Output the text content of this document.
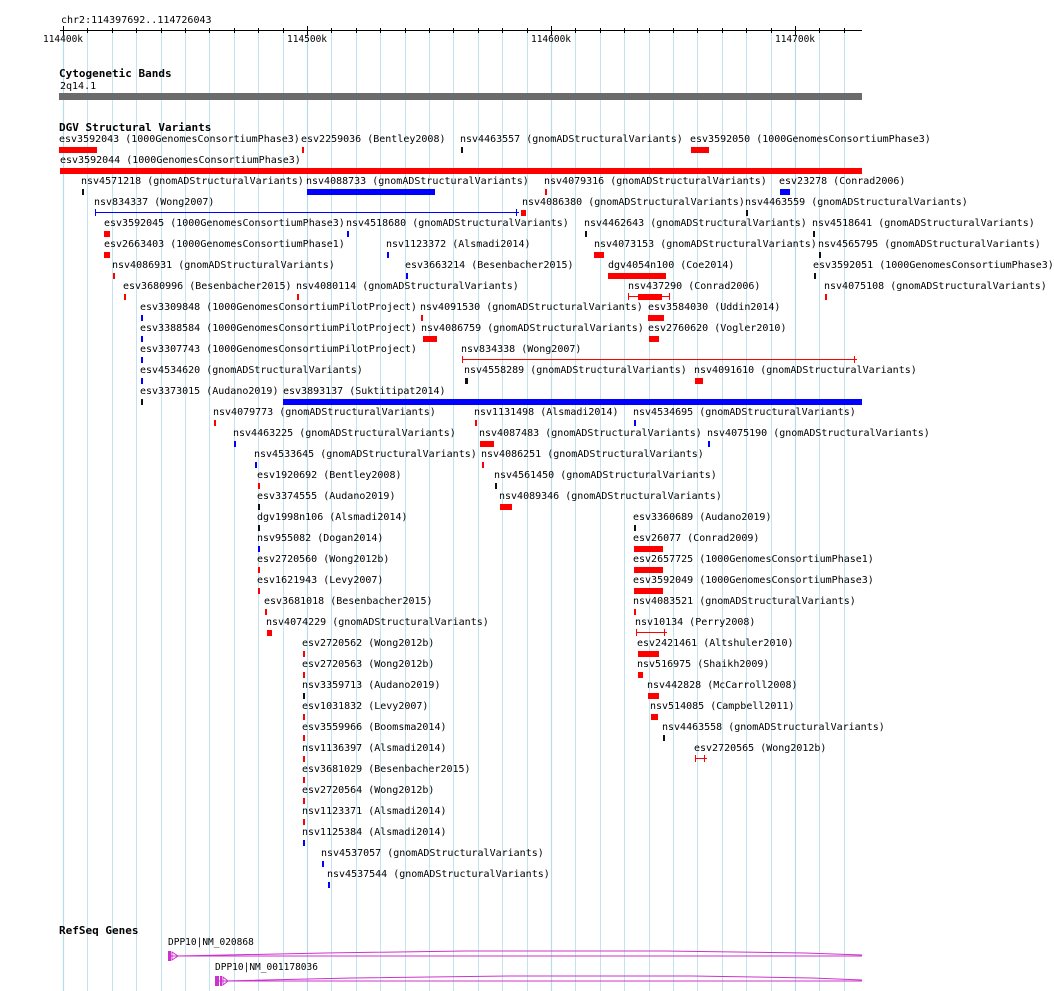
chr2:114397692..114726043
114400k	114500k	114600k	114700k
Cytogenetic Bands
2q14.1
DGV Structural Variants
esv3592043 (1000GenomesConsortiumPhase3) esv2259036 (Bentley2008) nsv4463557 (gnomADStructuralVariants) esv3592050 (1000GenomesConsortiumPhase3)
esv3592044 (1000GenomesConsortiumPhase3)
nsv4571218 (gnomADStructuralVariants) nsv4088733 (gnomADStructuralVariants) nsv4079316 (gnomADStructuralVariants) esv23278 (Conrad2006)
nsv834337 (Wong2007)	nsv4086380 (gnomADStructuralVariants) nsv4463559 (gnomADStructuralVariants)
esv3592045 (1000GenomesConsortiumPhase3) nsv4518680 (gnomADStructuralVariants) nsv4462643 (gnomADStructuralVariants) nsv4518641 (gnomADStructuralVariants)
esv2663403 (1000GenomesConsortiumPhase1)	nsv1123372 (Alsmadi2014)	nsv4073153 (gnomADStructuralVariants) nsv4565795 (gnomADStructuralVariants)
nsv4086931 (gnomADStructuralVariants)	esv3663214 (Besenbacher2015)	dgv4054n100 (Coe2014)	esv3592051 (1000GenomesConsortiumPhase3)
esv3680996 (Besenbacher2015) nsv4080114 (gnomADStructuralVariants)	nsv437290 (Conrad2006)	nsv4075108 (gnomADStructuralVariants)
esv3309848 (1000GenomesConsortiumPilotProject) nsv4091530 (gnomADStructuralVariants) esv3584030 (Uddin2014)
esv3388584 (1000GenomesConsortiumPilotProject) nsv4086759 (gnomADStructuralVariants) esv2760620 (Vogler2010)
esv3307743 (1000GenomesConsortiumPilotProject)	nsv834338 (Wong2007)
esv4534620 (gnomADStructuralVariants)	nsv4558289 (gnomADStructuralVariants) nsv4091610 (gnomADStructuralVariants)
esv3373015 (Audano2019) esv3893137 (Suktitipat2014)
nsv4079773 (gnomADStructuralVariants)	nsv1131498 (Alsmadi2014) nsv4534695 (gnomADStructuralVariants)
nsv4463225 (gnomADStructuralVariants) nsv4087483 (gnomADStructuralVariants) nsv4075190 (gnomADStructuralVariants)
nsv4533645 (gnomADStructuralVariants) nsv4086251 (gnomADStructuralVariants)
esv1920692 (Bentley2008)	nsv4561450 (gnomADStructuralVariants)
esv3374555 (Audano2019)	nsv4089346 (gnomADStructuralVariants)
dgv1998n106 (Alsmadi2014)	esv3360689 (Audano2019)
nsv955082 (Dogan2014)	esv26077 (Conrad2009)
esv2720560 (Wong2012b)	esv2657725 (1000GenomesConsortiumPhase1)
esv1621943 (Levy2007)	esv3592049 (1000GenomesConsortiumPhase3)
esv3681018 (Besenbacher2015)	nsv4083521 (gnomADStructuralVariants)
nsv4074229 (gnomADStructuralVariants)	nsv10134 (Perry2008)
esv2720562 (Wong2012b)	esv2421461 (Altshuler2010)
esv2720563 (Wong2012b)	nsv516975 (Shaikh2009)
nsv3359713 (Audano2019)	nsv442828 (McCarroll2008)
esv1031832 (Levy2007)	nsv514085 (Campbell2011)
esv3559966 (Boomsma2014)	nsv4463558 (gnomADStructuralVariants)
nsv1136397 (Alsmadi2014)	esv2720565 (Wong2012b)
esv3681029 (Besenbacher2015)
esv2720564 (Wong2012b)
nsv1123371 (Alsmadi2014)
nsv1125384 (Alsmadi2014)
nsv4537057 (gnomADStructuralVariants)
nsv4537544 (gnomADStructuralVariants)
RefSeq Genes
DPP10|NM_020868
DPP10|NM_001178036
